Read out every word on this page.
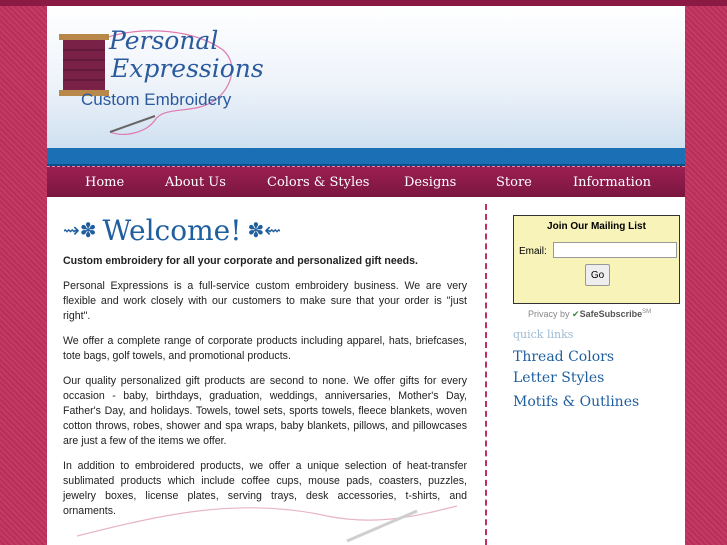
Personal
Expressions
Custom Embroidery
Home	About Us	Colors & Styles	Designs	Store	Information
⇝✽ Welcome! ✽⇜
Custom embroidery for all your corporate and personalized gift needs.
Personal Expressions is a full-service custom embroidery business. We are very flexible and work closely with our customers to make sure that your order is "just right".
We offer a complete range of corporate products including apparel, hats, briefcases, tote bags, golf towels, and promotional products.
Our quality personalized gift products are second to none. We offer gifts for every occasion - baby, birthdays, graduation, weddings, anniversaries, Mother's Day, Father's Day, and holidays. Towels, towel sets, sports towels, fleece blankets, woven cotton throws, robes, shower and spa wraps, baby blankets, pillows, and pillowcases are just a few of the items we offer.
In addition to embroidered products, we offer a unique selection of heat-transfer sublimated products which include coffee cups, mouse pads, coasters, puzzles, jewelry boxes, license plates, serving trays, desk accessories, t-shirts, and ornaments.
Join Our Mailing List
Email:
Go
Privacy by ✔SafeSubscribe℠
quick links
Thread Colors
Letter Styles
Motifs & Outlines
